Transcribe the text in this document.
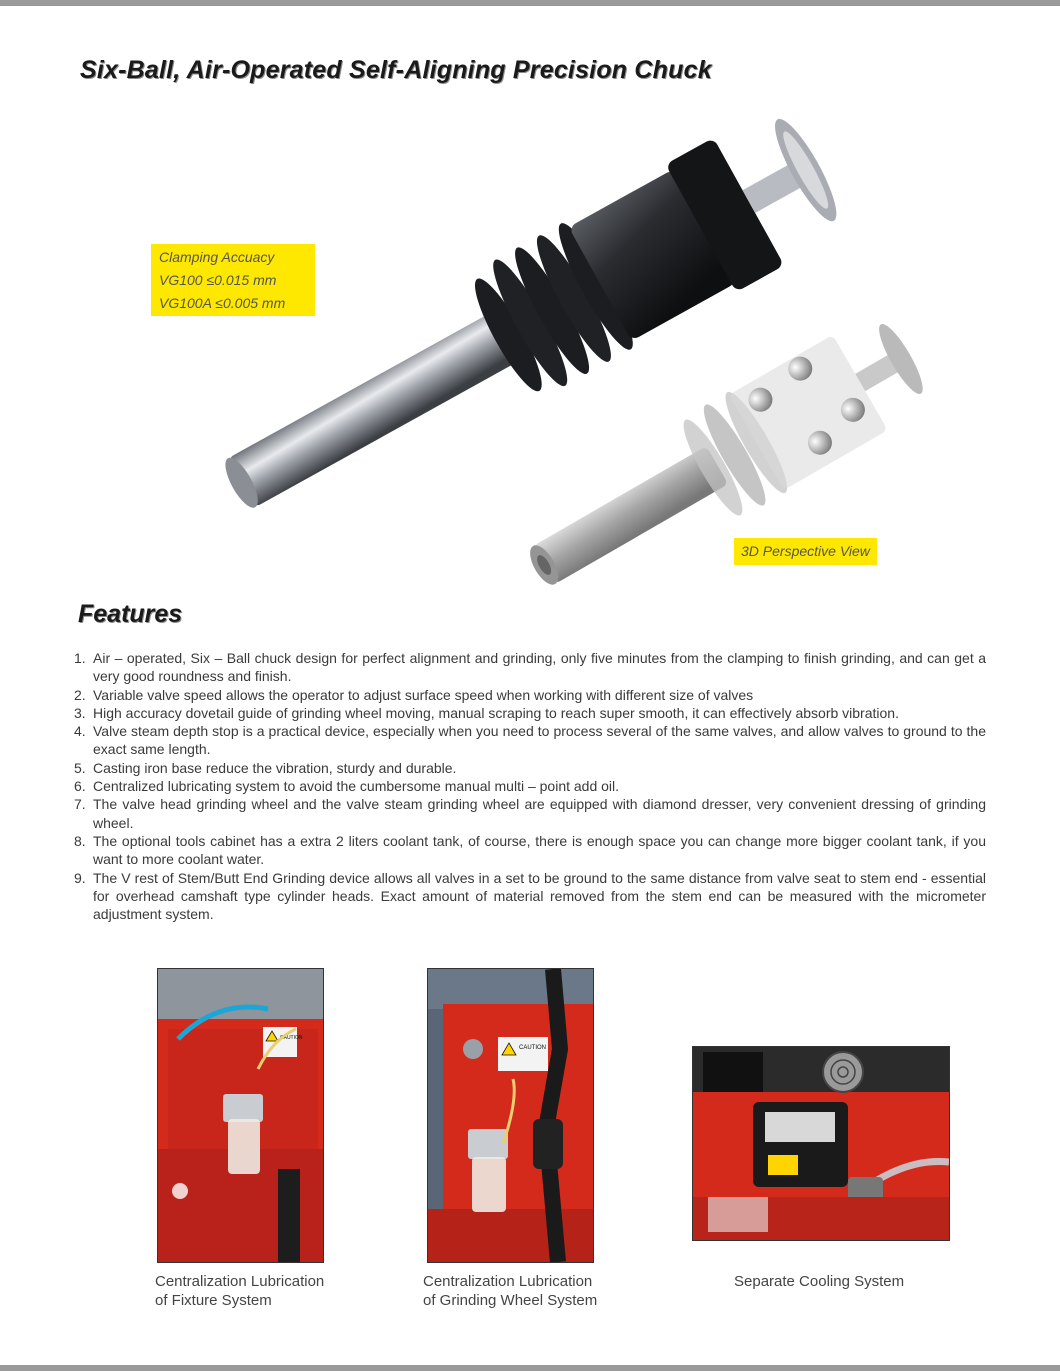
Six-Ball, Air-Operated Self-Aligning Precision Chuck
Clamping Accuacy
VG100 ≤0.015 mm
VG100A ≤0.005 mm
3D Perspective View
Features
1. Air – operated, Six – Ball chuck design for perfect alignment and grinding, only five minutes from the clamping to finish grinding, and can get a very good roundness and finish.
2. Variable valve speed allows the operator to adjust surface speed when working with different size of valves
3. High accuracy dovetail guide of grinding wheel moving, manual scraping to reach super smooth, it can effectively absorb vibration.
4. Valve steam depth stop is a practical device, especially when you need to process several of the same valves, and allow valves to ground to the exact same length.
5. Casting iron base reduce the vibration, sturdy and durable.
6. Centralized lubricating system to avoid the cumbersome manual multi – point add oil.
7. The valve head grinding wheel and the valve steam grinding wheel are equipped with diamond dresser, very convenient dressing of grinding wheel.
8. The optional tools cabinet has a extra 2 liters coolant tank, of course, there is enough space you can change more bigger coolant tank, if you want to more coolant water.
9. The V rest of Stem/Butt End Grinding device allows all valves in a set to be ground to the same distance from valve seat to stem end - essential for overhead camshaft type cylinder heads. Exact amount of material removed from the stem end can be measured with the micrometer adjustment system.
CAUTION
CAUTION
Centralization Lubrication
of Fixture System
Centralization Lubrication
of Grinding Wheel System
Separate Cooling System
